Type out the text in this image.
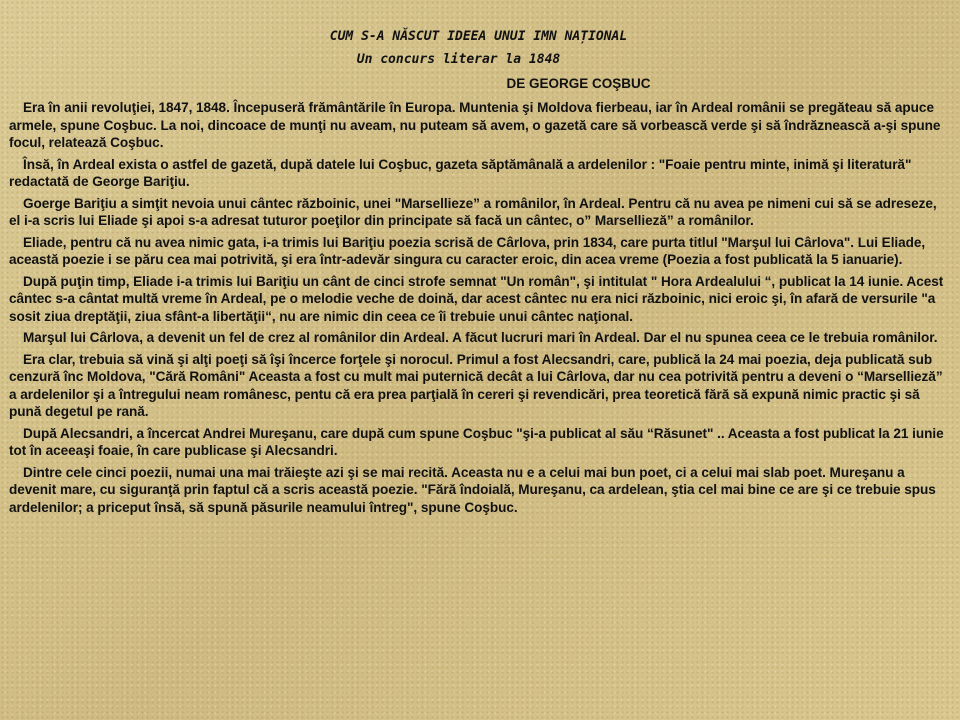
CUM S-A NĂSCUT IDEEA UNUI IMN NAȚIONAL
Un concurs literar la 1848
DE GEORGE COŞBUC

Era în anii revoluţiei, 1847, 1848. Începuseră frământările în Europa. Muntenia şi Moldova fierbeau, iar în Ardeal românii se pregăteau să apuce armele, spune Coşbuc. La noi, dincoace de munţi nu aveam, nu puteam să avem, o gazetă care să vorbească verde şi să îndrăznească a-şi spune focul, relatează Coşbuc.

Însă, în Ardeal exista o astfel de gazetă, după datele lui Coşbuc, gazeta săptămânală a ardelenilor : "Foaie pentru minte, inimă şi literatură" redactată de George Bariţiu.

Goerge Bariţiu a simţit nevoia unui cântec războinic, unei "Marsellieze” a românilor, în Ardeal. Pentru că nu avea pe nimeni cui să se adreseze, el i-a scris lui Eliade şi apoi s-a adresat tuturor poeţilor din principate să facă un cântec, o” Marsellieză” a românilor.

Eliade, pentru că nu avea nimic gata, i-a trimis lui Bariţiu poezia scrisă de Cârlova, prin 1834, care purta titlul "Marşul lui Cârlova". Lui Eliade, această poezie i se păru cea mai potrivită, şi era într-adevăr singura cu caracter eroic, din acea vreme (Poezia a fost publicată la 5 ianuarie).

După puţin timp, Eliade i-a trimis lui Bariţiu un cânt de cinci strofe semnat "Un român", şi intitulat " Hora Ardealului “, publicat la 14 iunie. Acest cântec s-a cântat multă vreme în Ardeal, pe o melodie veche de doină, dar acest cântec nu era nici războinic, nici eroic şi, în afară de versurile "a sosit ziua dreptăţii, ziua sfânt-a libertăţii“, nu are nimic din ceea ce îi trebuie unui cântec naţional.

Marşul lui Cârlova, a devenit un fel de crez al românilor din Ardeal. A făcut lucruri mari în Ardeal. Dar el nu spunea ceea ce le trebuia românilor.

Era clar, trebuia să vină şi alţi poeţi să îşi încerce forţele şi norocul. Primul a fost Alecsandri, care, publică la 24 mai poezia, deja publicată sub cenzură înc Moldova, "Cără Români" Aceasta a fost cu mult mai puternică decât a lui Cârlova, dar nu cea potrivită pentru a deveni o “Marsellieză” a ardelenilor şi a întregului neam românesc, pentu că era prea parţială în cereri şi revendicări, prea teoretică fără să expună nimic practic şi să pună degetul pe rană.

După Alecsandri, a încercat Andrei Mureşanu, care după cum spune Coşbuc "şi-a publicat al său “Răsunet" .. Aceasta a fost publicat la 21 iunie tot în aceeaşi foaie, în care publicase şi Alecsandri.

Dintre cele cinci poezii, numai una mai trăieşte azi şi se mai recită. Aceasta nu e a celui mai bun poet, ci a celui mai slab poet. Mureşanu a devenit mare, cu siguranţă prin faptul că a scris această poezie. "Fără îndoială, Mureşanu, ca ardelean, ştia cel mai bine ce are şi ce trebuie spus ardelenilor; a priceput însă, să spună păsurile neamului întreg", spune Coşbuc.
